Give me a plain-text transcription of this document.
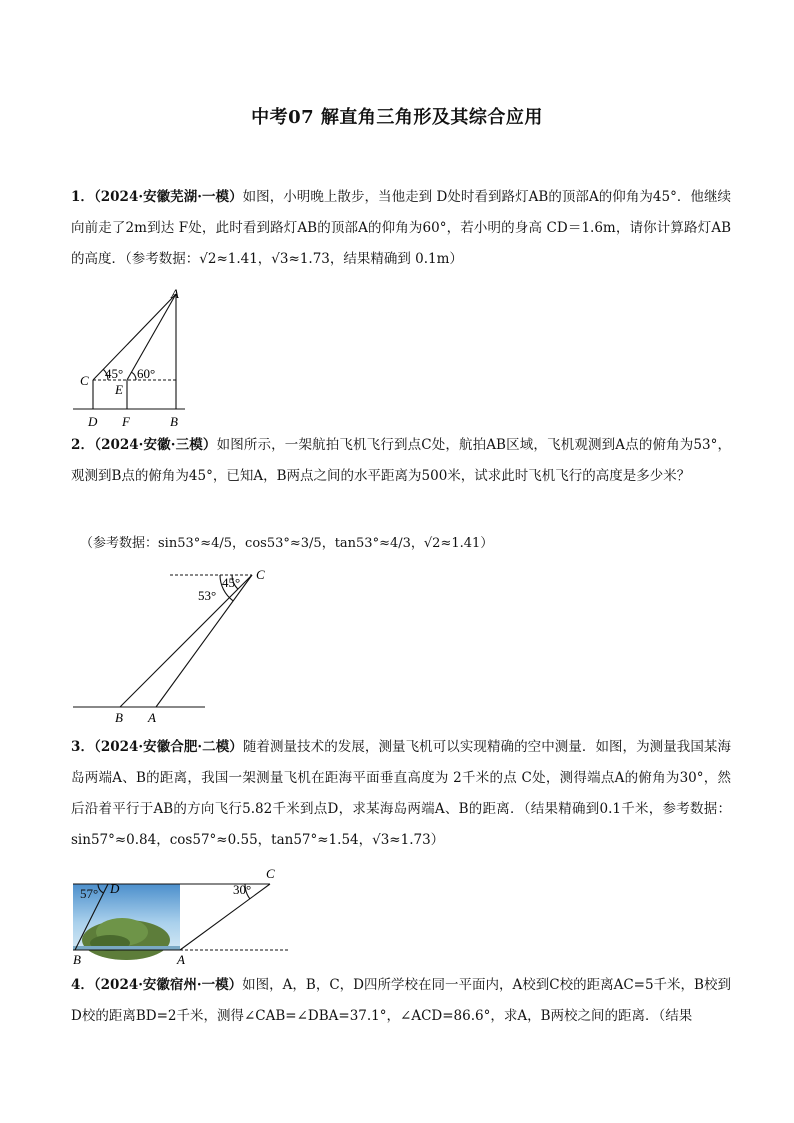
中考07 解直角三角形及其综合应用
1．（2024·安徽芜湖·一模）如图，小明晚上散步，当他走到 D处时看到路灯AB的顶部A的仰角为45°．他继续向前走了2m到达 F处，此时看到路灯AB的顶部A的仰角为60°，若小明的身高 CD＝1.6m，请你计算路灯AB的高度．（参考数据：√2≈1.41，√3≈1.73，结果精确到 0.1m）
A
C
E
D F	B
45° 60°
2．（2024·安徽·三模）如图所示，一架航拍飞机飞行到点C处，航拍AB区域，飞机观测到A点的俯角为53°，观测到B点的俯角为45°，已知A，B两点之间的水平距离为500米，试求此时飞机飞行的高度是多少米？
（参考数据：sin53°≈4/5，cos53°≈3/5，tan53°≈4/3，√2≈1.41）
C
45°
53°
B A
3．（2024·安徽合肥·二模）随着测量技术的发展，测量飞机可以实现精确的空中测量．如图，为测量我国某海岛两端A、B的距离，我国一架测量飞机在距海平面垂直高度为 2千米的点 C处，测得端点A的俯角为30°，然后沿着平行于AB的方向飞行5.82千米到点D，求某海岛两端A、B的距离．（结果精确到0.1千米，参考数据：sin57°≈0.84，cos57°≈0.55，tan57°≈1.54，√3≈1.73）
C
30°
D
57°
B	A
4．（2024·安徽宿州·一模）如图，A，B，C，D四所学校在同一平面内，A校到C校的距离AC=5千米，B校到D校的距离BD=2千米，测得∠CAB=∠DBA=37.1°，∠ACD=86.6°，求A，B两校之间的距离．（结果
